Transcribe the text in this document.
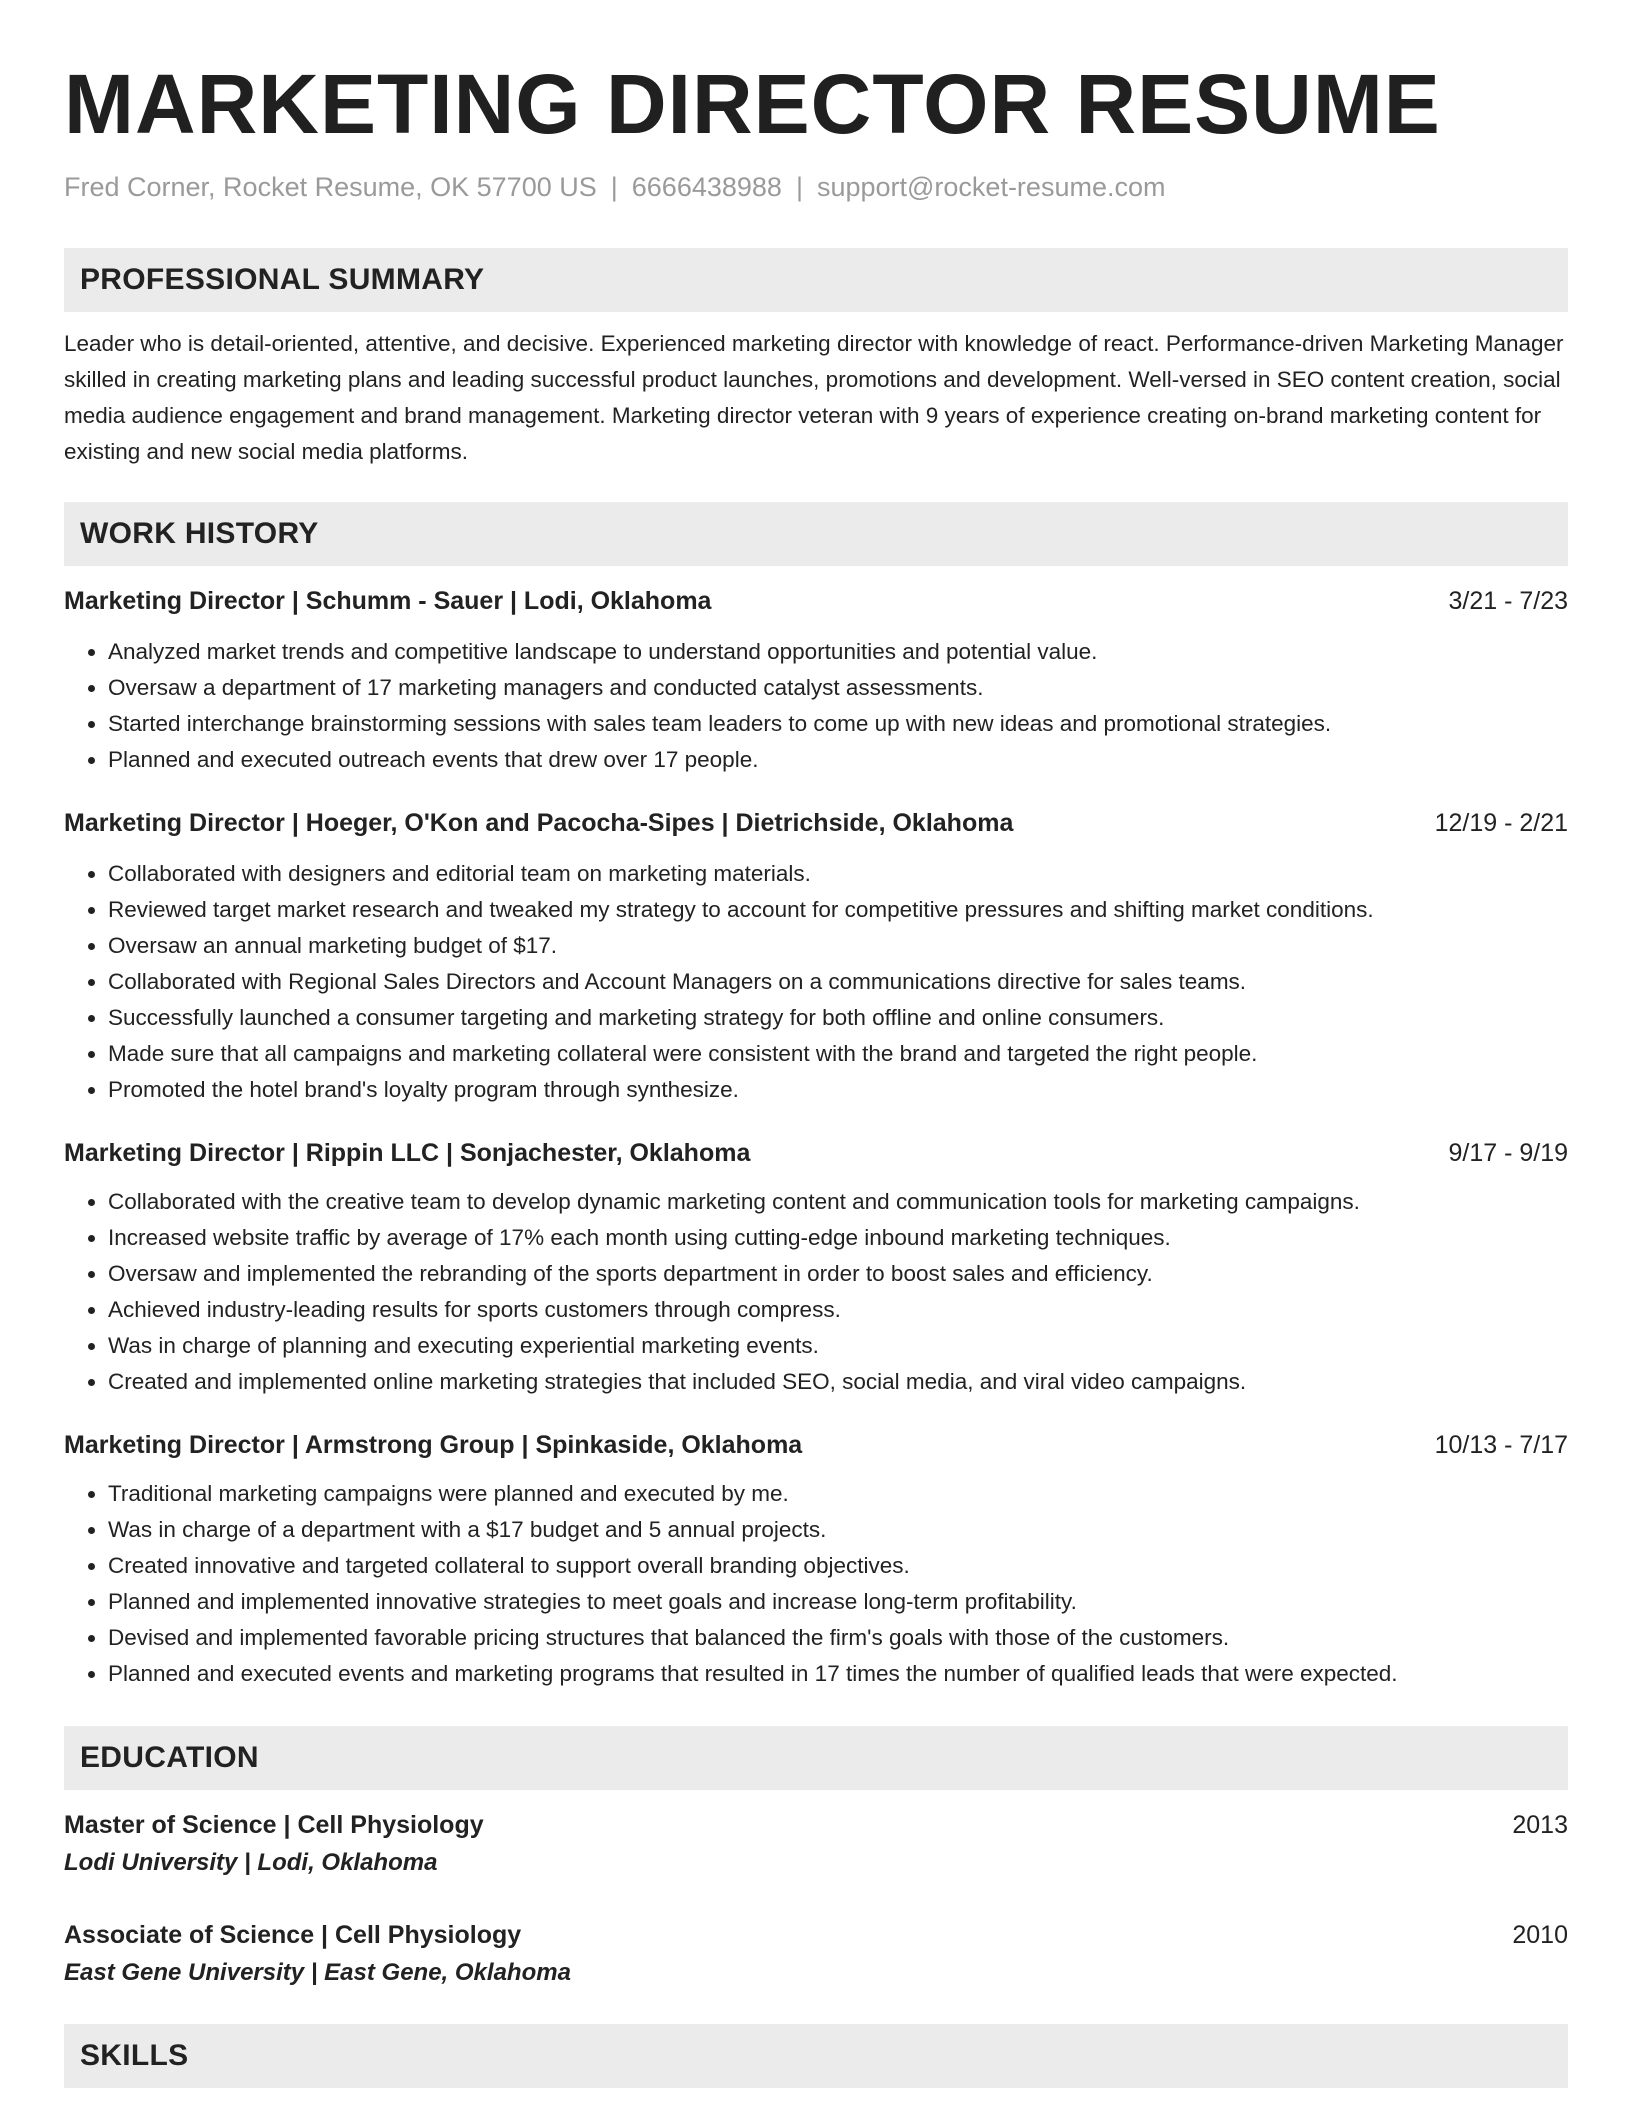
MARKETING DIRECTOR RESUME
Fred Corner, Rocket Resume, OK 57700 US | 6666438988 | support@rocket-resume.com
PROFESSIONAL SUMMARY
Leader who is detail-oriented, attentive, and decisive. Experienced marketing director with knowledge of react. Performance-driven Marketing Manager skilled in creating marketing plans and leading successful product launches, promotions and development. Well-versed in SEO content creation, social media audience engagement and brand management. Marketing director veteran with 9 years of experience creating on-brand marketing content for existing and new social media platforms.
WORK HISTORY
Marketing Director | Schumm - Sauer | Lodi, Oklahoma	3/21 - 7/23
• Analyzed market trends and competitive landscape to understand opportunities and potential value.
• Oversaw a department of 17 marketing managers and conducted catalyst assessments.
• Started interchange brainstorming sessions with sales team leaders to come up with new ideas and promotional strategies.
• Planned and executed outreach events that drew over 17 people.
Marketing Director | Hoeger, O'Kon and Pacocha-Sipes | Dietrichside, Oklahoma	12/19 - 2/21
• Collaborated with designers and editorial team on marketing materials.
• Reviewed target market research and tweaked my strategy to account for competitive pressures and shifting market conditions.
• Oversaw an annual marketing budget of $17.
• Collaborated with Regional Sales Directors and Account Managers on a communications directive for sales teams.
• Successfully launched a consumer targeting and marketing strategy for both offline and online consumers.
• Made sure that all campaigns and marketing collateral were consistent with the brand and targeted the right people.
• Promoted the hotel brand's loyalty program through synthesize.
Marketing Director | Rippin LLC | Sonjachester, Oklahoma	9/17 - 9/19
• Collaborated with the creative team to develop dynamic marketing content and communication tools for marketing campaigns.
• Increased website traffic by average of 17% each month using cutting-edge inbound marketing techniques.
• Oversaw and implemented the rebranding of the sports department in order to boost sales and efficiency.
• Achieved industry-leading results for sports customers through compress.
• Was in charge of planning and executing experiential marketing events.
• Created and implemented online marketing strategies that included SEO, social media, and viral video campaigns.
Marketing Director | Armstrong Group | Spinkaside, Oklahoma	10/13 - 7/17
• Traditional marketing campaigns were planned and executed by me.
• Was in charge of a department with a $17 budget and 5 annual projects.
• Created innovative and targeted collateral to support overall branding objectives.
• Planned and implemented innovative strategies to meet goals and increase long-term profitability.
• Devised and implemented favorable pricing structures that balanced the firm's goals with those of the customers.
• Planned and executed events and marketing programs that resulted in 17 times the number of qualified leads that were expected.
EDUCATION
Master of Science | Cell Physiology	2013
Lodi University | Lodi, Oklahoma
Associate of Science | Cell Physiology	2010
East Gene University | East Gene, Oklahoma
SKILLS
